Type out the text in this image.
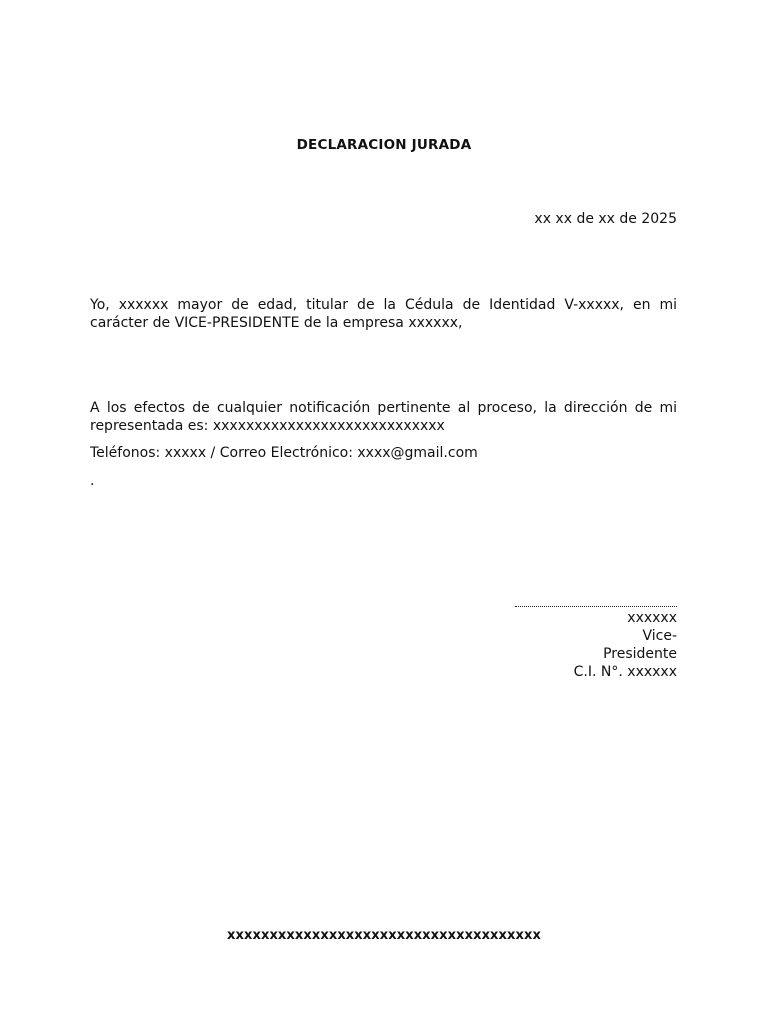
DECLARACION JURADA
xx xx de xx de 2025

Yo, xxxxxx mayor de edad, titular de la Cédula de Identidad V-xxxxx, en mi carácter de VICE-PRESIDENTE de la empresa xxxxxx,

A los efectos de cualquier notificación pertinente al proceso, la dirección de mi representada es: xxxxxxxxxxxxxxxxxxxxxxxxxxxx

Teléfonos: xxxxx / Correo Electrónico: xxxx@gmail.com

.

xxxxxx
Vice-
Presidente
C.I. N°. xxxxxx
xxxxxxxxxxxxxxxxxxxxxxxxxxxxxxxxxxxxx
